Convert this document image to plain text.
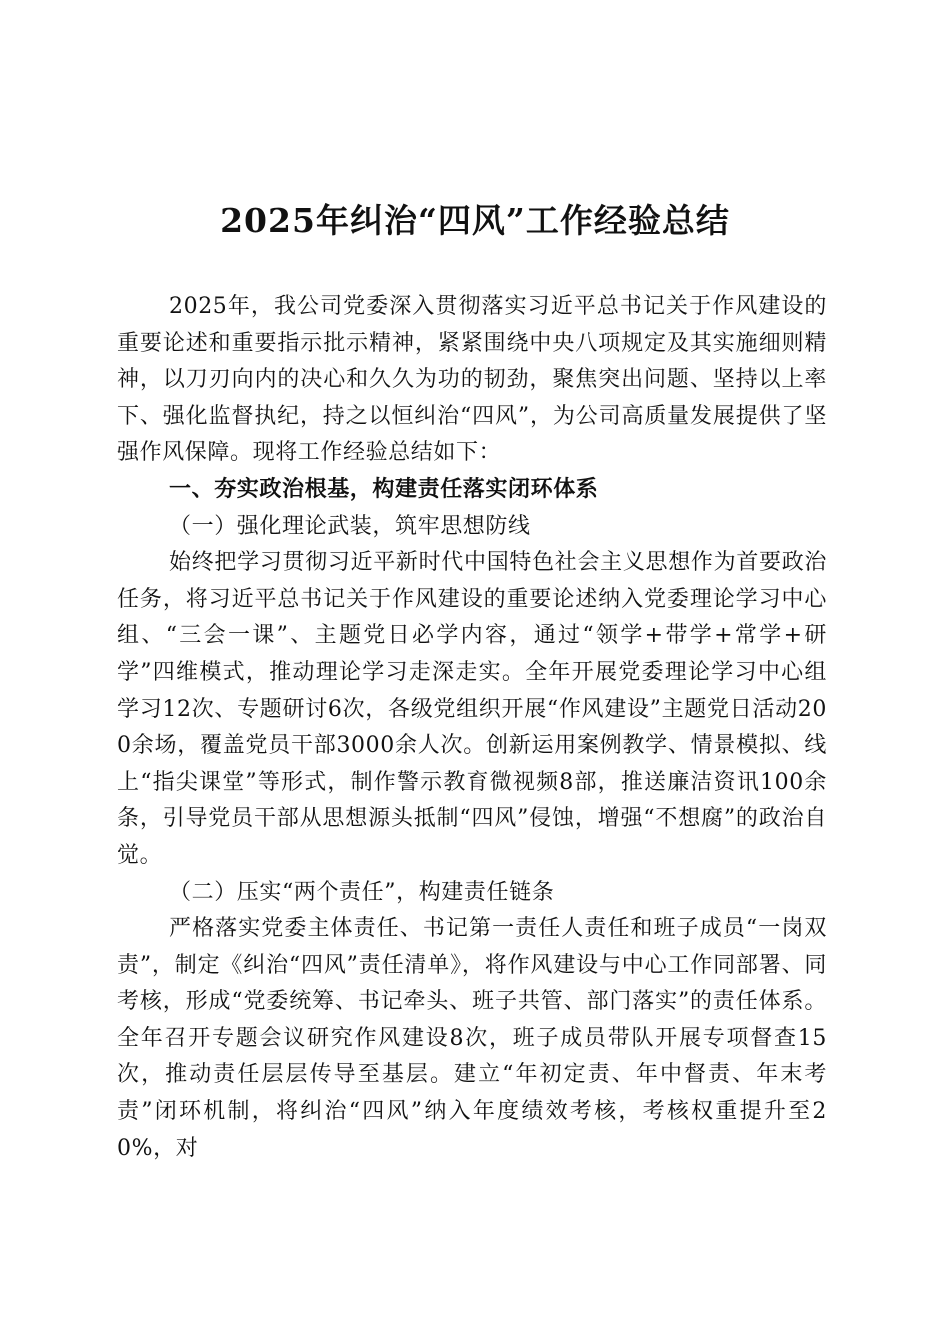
2025年纠治“四风”工作经验总结

2025年，我公司党委深入贯彻落实习近平总书记关于作风建设的重要论述和重要指示批示精神，紧紧围绕中央八项规定及其实施细则精神，以刀刃向内的决心和久久为功的韧劲，聚焦突出问题、坚持以上率下、强化监督执纪，持之以恒纠治“四风”，为公司高质量发展提供了坚强作风保障。现将工作经验总结如下：

一、夯实政治根基，构建责任落实闭环体系

（一）强化理论武装，筑牢思想防线

始终把学习贯彻习近平新时代中国特色社会主义思想作为首要政治任务，将习近平总书记关于作风建设的重要论述纳入党委理论学习中心组、“三会一课”、主题党日必学内容，通过“领学+带学+常学+研学”四维模式，推动理论学习走深走实。全年开展党委理论学习中心组学习12次、专题研讨6次，各级党组织开展“作风建设”主题党日活动200余场，覆盖党员干部3000余人次。创新运用案例教学、情景模拟、线上“指尖课堂”等形式，制作警示教育微视频8部，推送廉洁资讯100余条，引导党员干部从思想源头抵制“四风”侵蚀，增强“不想腐”的政治自觉。

（二）压实“两个责任”，构建责任链条

严格落实党委主体责任、书记第一责任人责任和班子成员“一岗双责”，制定《纠治“四风”责任清单》，将作风建设与中心工作同部署、同考核，形成“党委统筹、书记牵头、班子共管、部门落实”的责任体系。全年召开专题会议研究作风建设8次，班子成员带队开展专项督查15次，推动责任层层传导至基层。建立“年初定责、年中督责、年末考责”闭环机制，将纠治“四风”纳入年度绩效考核，考核权重提升至20%，对
